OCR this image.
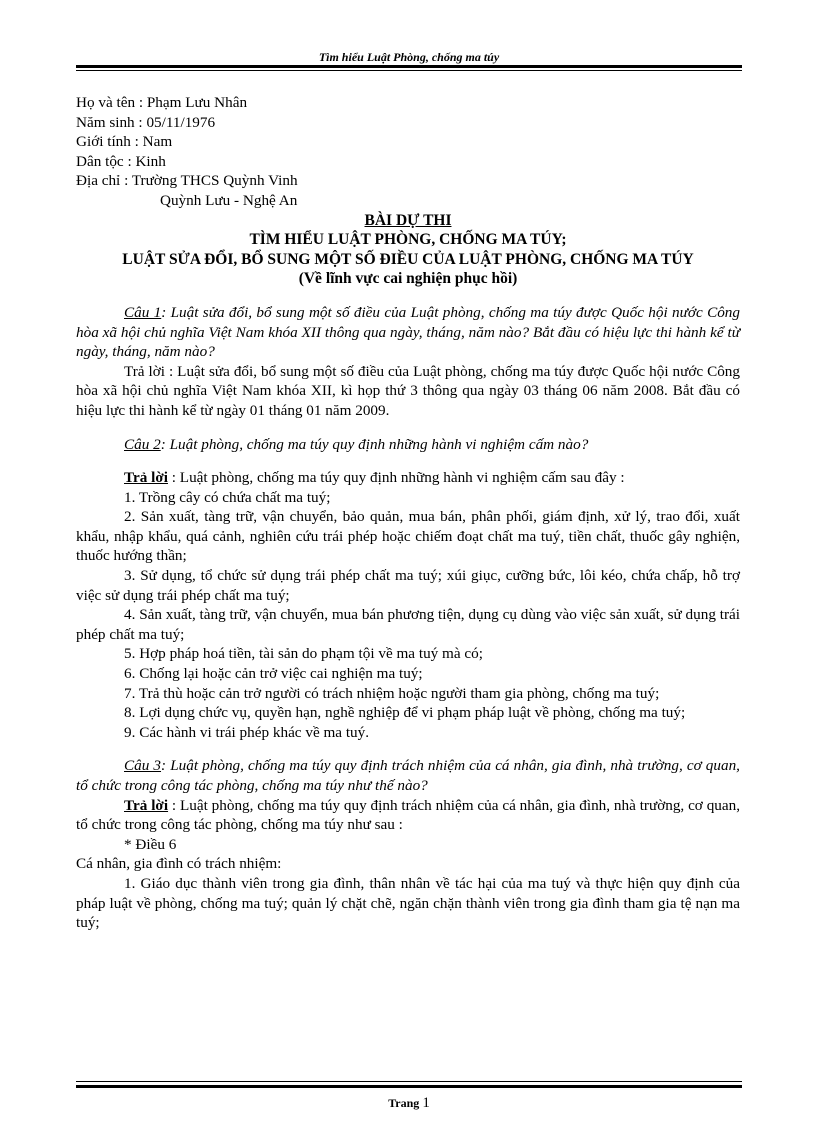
Tìm hiểu Luật Phòng, chống ma túy

Họ và tên : Phạm Lưu Nhân

Năm sinh : 05/11/1976

Giới tính : Nam

Dân tộc : Kinh

Địa chỉ : Trường THCS Quỳnh Vinh

Quỳnh Lưu - Nghệ An

BÀI DỰ THI

TÌM HIỂU LUẬT PHÒNG, CHỐNG MA TÚY;

LUẬT SỬA ĐỔI, BỔ SUNG MỘT SỐ ĐIỀU CỦA LUẬT PHÒNG, CHỐNG MA TÚY

(Về lĩnh vực cai nghiện phục hồi)

Câu 1: Luật sửa đổi, bổ sung một số điều của Luật phòng, chống ma túy được Quốc hội nước Công hòa xã hội chủ nghĩa Việt Nam khóa XII thông qua ngày, tháng, năm nào? Bắt đầu có hiệu lực thi hành kể từ ngày, tháng, năm nào?

Trả lời : Luật sửa đổi, bổ sung một số điều của Luật phòng, chống ma túy được Quốc hội nước Công hòa xã hội chủ nghĩa Việt Nam khóa XII, kì họp thứ 3 thông qua ngày 03 tháng 06 năm 2008. Bắt đầu có hiệu lực thi hành kể từ ngày 01 tháng 01 năm 2009.

Câu 2: Luật phòng, chống ma túy quy định những hành vi nghiệm cấm nào?

Trả lời : Luật phòng, chống ma túy quy định những hành vi nghiệm cấm sau đây :

1. Trồng cây có chứa chất ma tuý;

2. Sản xuất, tàng trữ, vận chuyển, bảo quản, mua bán, phân phối, giám định, xử lý, trao đổi, xuất khẩu, nhập khẩu, quá cảnh, nghiên cứu trái phép hoặc chiếm đoạt chất ma tuý, tiền chất, thuốc gây nghiện, thuốc hướng thần;

3. Sử dụng, tổ chức sử dụng trái phép chất ma tuý; xúi giục, cưỡng bức, lôi kéo, chứa chấp, hỗ trợ việc sử dụng trái phép chất ma tuý;

4. Sản xuất, tàng trữ, vận chuyển, mua bán phương tiện, dụng cụ dùng vào việc sản xuất, sử dụng trái phép chất ma tuý;

5. Hợp pháp hoá tiền, tài sản do phạm tội về ma tuý mà có;

6. Chống lại hoặc cản trở việc cai nghiện ma tuý;

7. Trả thù hoặc cản trở người có trách nhiệm hoặc người tham gia phòng, chống ma tuý;

8. Lợi dụng chức vụ, quyền hạn, nghề nghiệp để vi phạm pháp luật về phòng, chống ma tuý;

9. Các hành vi trái phép khác về ma tuý.

Câu 3: Luật phòng, chống ma túy quy định trách nhiệm của cá nhân, gia đình, nhà trường, cơ quan, tổ chức trong công tác phòng, chống ma túy như thế nào?

Trả lời : Luật phòng, chống ma túy quy định trách nhiệm của cá nhân, gia đình, nhà trường, cơ quan, tổ chức trong công tác phòng, chống ma túy như sau :

* Điều 6

Cá nhân, gia đình có trách nhiệm:

1. Giáo dục thành viên trong gia đình, thân nhân về tác hại của ma tuý và thực hiện quy định của pháp luật về phòng, chống ma tuý; quản lý chặt chẽ, ngăn chặn thành viên trong gia đình tham gia tệ nạn ma tuý;

Trang 1
